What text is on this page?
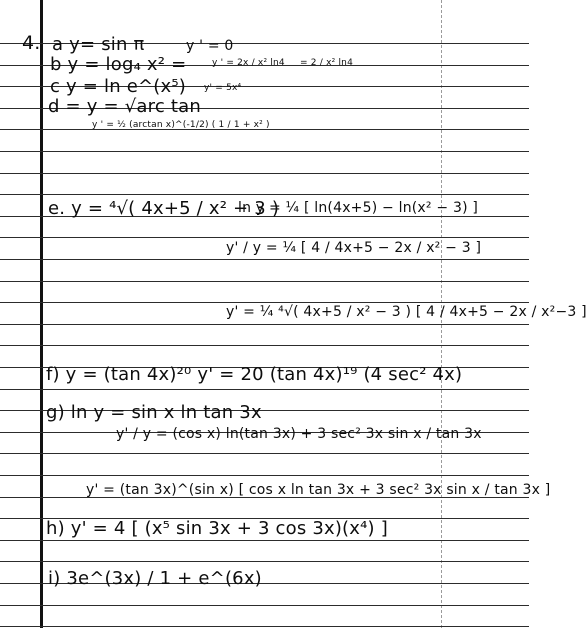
4. a y= sin π	y ' = 0
b y = log₄ x² =	y ' = 2x / x² ln4 = 2 / x² ln4
c y = ln e^(x⁵) y' = 5x⁴
d = y = √arc tan
y ' = ½ (arctan x)^(-1/2) ( 1 / 1 + x² )
e. y = ⁴√( 4x+5 / x² − 3 )
ln y = ¼ [ ln(4x+5) − ln(x² − 3) ]
y' / y = ¼ [ 4 / 4x+5 − 2x / x² − 3 ]
y' = ¼ ⁴√( 4x+5 / x² − 3 ) [ 4 / 4x+5 − 2x / x²−3 ]
f) y = (tan 4x)²⁰ y' = 20 (tan 4x)¹⁹ (4 sec² 4x)
g) ln y = sin x ln tan 3x
y' / y = (cos x) ln(tan 3x) + 3 sec² 3x sin x / tan 3x
y' = (tan 3x)^(sin x) [ cos x ln tan 3x + 3 sec² 3x sin x / tan 3x ]
h) y' = 4 [ (x⁵ sin 3x + 3 cos 3x)(x⁴) ]
i) 3e^(3x) / 1 + e^(6x)
